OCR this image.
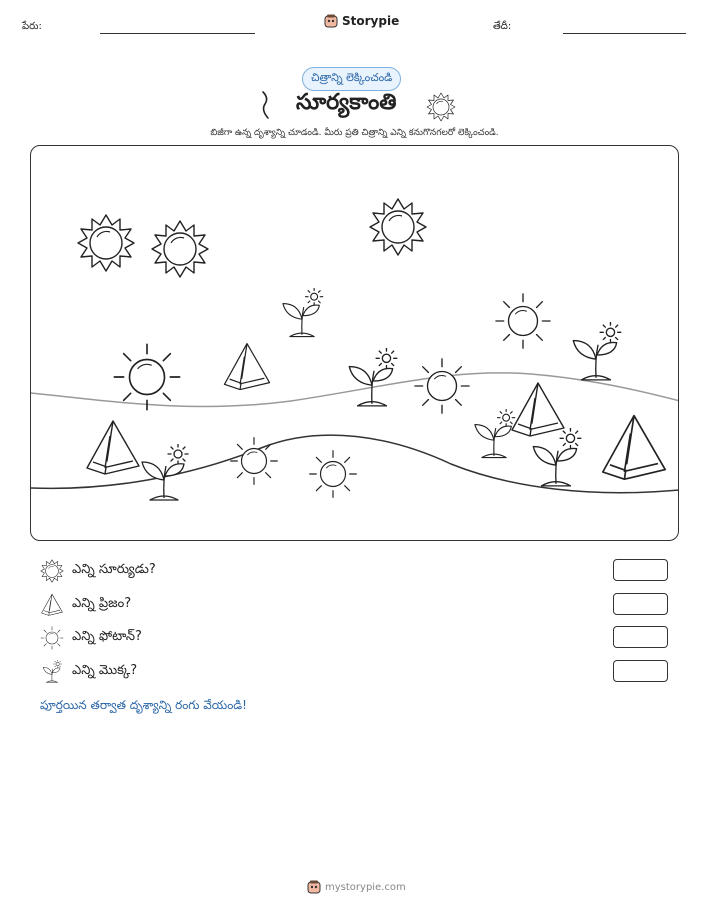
పేరు:	Storypie	తేదీ:
చిత్రాన్ని లెక్కించండి
సూర్యకాంతి
బిజీగా ఉన్న దృశ్యాన్ని చూడండి. మీరు ప్రతి చిత్రాన్ని ఎన్ని కనుగొనగలరో లెక్కించండి.
ఎన్ని సూర్యుడు?
ఎన్ని ప్రిజం?
ఎన్ని ఫోటాన్?
ఎన్ని మొక్క?
పూర్తయిన తర్వాత దృశ్యాన్ని రంగు వేయండి!
mystorypie.com
